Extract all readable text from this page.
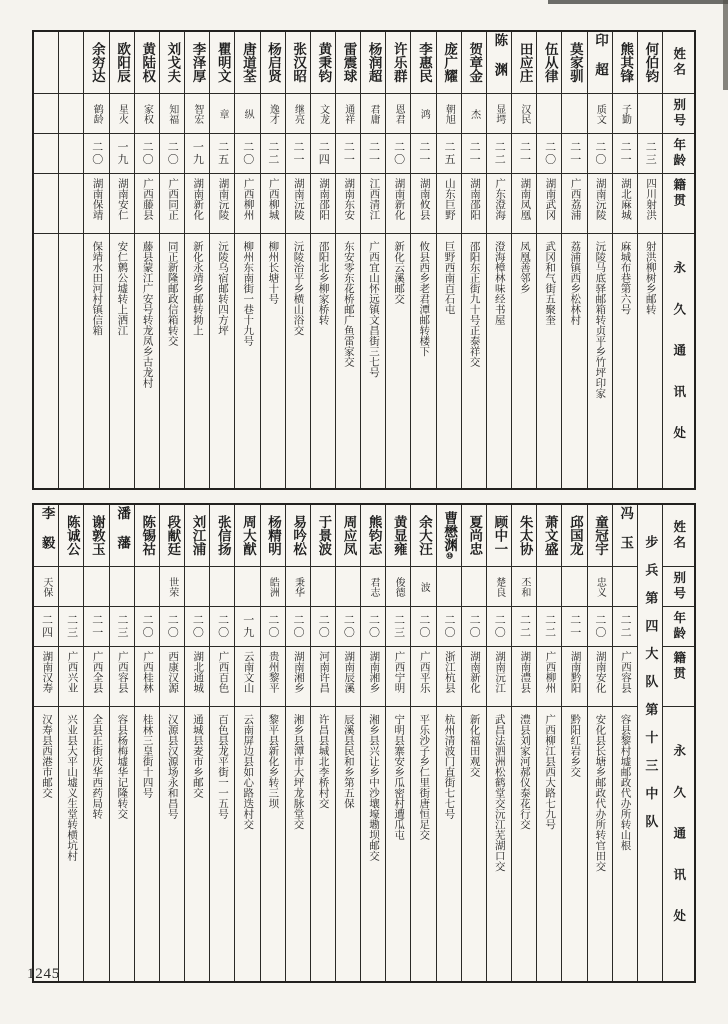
姓名
别号
年龄
籍贯
永久通讯处
何伯钧
二三
四川射洪
射洪柳树乡邮转
熊其锋
子勤
二一
湖北麻城
麻城布巷第六号
印超
质文
二〇
湖南沅陵
沅陵马底驿邮箱转贞平乡竹坪印家
莫家驯
二一
广西荔浦
荔浦镇西乡松林村
伍从律
二〇
湖南武冈
武冈和气街五聚奎
田应庄
汉民
二一
湖南凤凰
凤凰善邻乡
陈渊
显堮
二二
广东澄海
澄海樟林味经书屋
贺章金
杰
二一
湖南邵阳
邵阳东正街九十号正泰祥交
庞广耀
朝旭
二五
山东巨野
巨野西南百石屯
李惠民
鸿
二一
湖南攸县
攸县西乡老君潭邮转楼下
许乐群
恩君
二〇
湖南新化
新化云溪邮交
杨润超
君庸
二一
江西清江
广西宜山怀远镇文昌街三七号
雷震球
通祥
二一
湖南东安
东安零东花桥邮广鱼雷家交
黄秉钧
文龙
二四
湖南邵阳
邵阳北乡柳家桥转
张汉昭
继亮
二一
湖南沅陵
沅陵治平乡横山浴交
杨启贤
逸才
二二
广西柳城
柳州长塘十号
唐道荃
纵
二〇
广西柳州
柳州东南街一巷十九号
瞿明文
章
二五
湖南沅陵
沅陵乌宿邮转四方坪
李泽厚
智宏
一九
湖南新化
新化永靖乡邮转拗上
刘戈夫
知福
二〇
广西同正
同正新隆邮政信箱转交
黄陆权
家权
二〇
广西藤县
藤县蒙江广安号转龙凤乡古龙村
欧阳辰
星火
一九
湖南安仁
安仁鹩公墟转上洒江
余穷达
鹤龄
二〇
湖南保靖
保靖水田河村镇信箱
姓名
别号
年龄
籍贯
永久通讯处
步兵第四大队第十三中队
冯玉
二二
广西容县
容县黎村墟邮政代办所转山根
童冠宇
忠义
二〇
湖南安化
安化县长塘乡邮政代办所转官田交
邱国龙
二一
湖南黔阳
黔阳红岩乡交
萧文盛
二二
广西柳州
广西柳江县西大路七九号
朱太协
丕和
二二
湖南澧县
澧县刘家河郝仪泰花行交
顾中一
楚良
二〇
湖南沅江
武昌法泗洲松鹤堂交沅江芜湖口交
夏尚忠
二〇
湖南新化
新化福田观交
曹懋渊⑩
二〇
浙江杭县
杭州清波门直街七七号
余大汪
波
二〇
广西平乐
平乐沙子乡仁里街唐恒足交
黄显雍
俊德
二三
广西宁明
宁明县寨安乡瓜密村遭瓜屯
熊钧志
君志
二〇
湖南湘乡
湘乡县兴让乡中沙壤壕墈坝邮交
周应凤
二〇
湖南辰溪
辰溪县民和乡第五保
于景波
二〇
河南许昌
许昌县城北李桥村交
易吟松
秉华
二〇
湖南湘乡
湘乡县潭市大坪龙脉堂交
杨精明
皓洲
二〇
贵州黎平
黎平县新化乡转三坝
周大猷
一九
云南文山
云南屏边县如心路迭村交
张信扬
二〇
广西百色
百色县龙平街一一五号
刘江浦
二〇
湖北通城
通城县麦市乡邮交
段献廷
世荣
二〇
西康汉源
汉源县汉源场永和昌号
陈锡祜
二〇
广西桂林
桂林三皇街十四号
潘藩
二三
广西容县
容县杨梅墟华记隆转交
谢敦玉
二一
广西全县
全县正街庆华西药局转
陈诚公
二三
广西兴业
兴业县大平山墟义生堂转横坑村
李毅
天保
二四
湖南汉寿
汉寿县西港市邮交
1245
